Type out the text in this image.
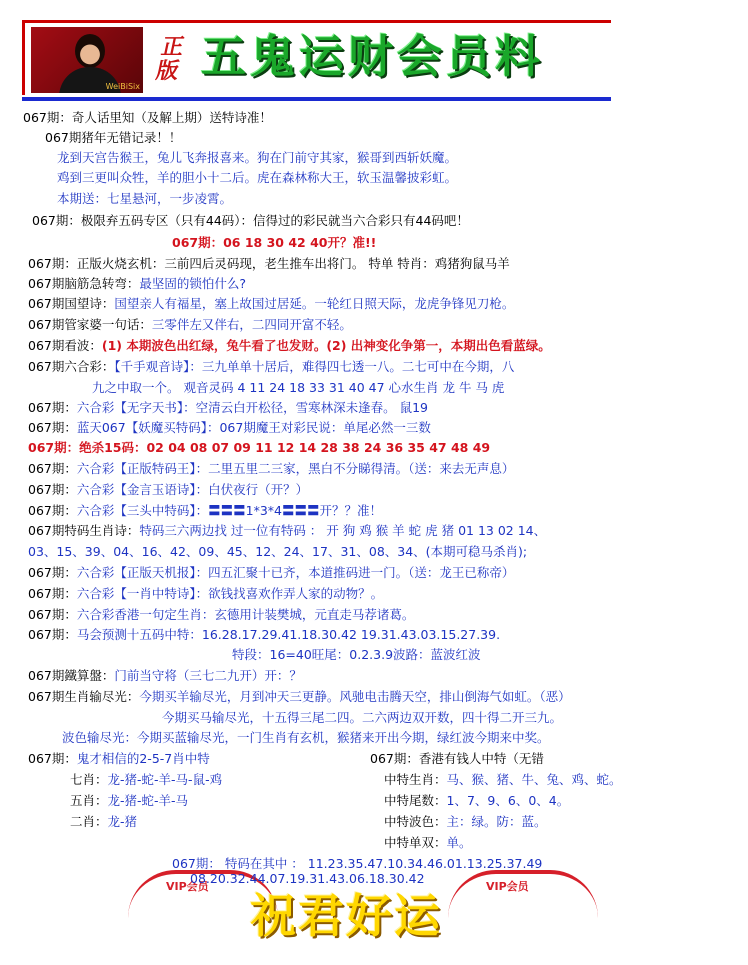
WeiBiSix
正版 五鬼运财会员料
067期：奇人话里知（及解上期）送特诗准！
067期猪年无错记录！！
龙到天宫告猴王，兔儿飞奔报喜来。狗在门前守其家，猴哥到西斩妖魔。
鸡到三更叫众牲，羊的胆小十二后。虎在森林称大王，软玉温馨披彩虹。
本期送：七星悬河，一步凌霄。
067期：极限弃五码专区（只有44码）：信得过的彩民就当六合彩只有44码吧！
067期：06 18 30 42 40开？准!!
067期：正版火烧玄机：三前四后灵码现，老生推车出将门。 特单 特肖：鸡猪狗鼠马羊
067期脑筋急转弯：最坚固的锁怕什么?
067期国望诗：国望亲人有福星，塞上故国过居延。一轮红日照天际，龙虎争锋见刀枪。
067期管家婆一句话：三零伴左又伴右，二四同开富不轻。
067期看波：(1) 本期波色出红绿，兔牛看了也发财。(2) 出神变化争第一，本期出色看蓝绿。
067期六合彩：【千手观音诗】：三九单单十居后，难得四七透一八。二七可中在今期，八
九之中取一个。 观音灵码 4 11 24 18 33 31 40 47 心水生肖 龙 牛 马 虎
067期：六合彩【无字天书】：空清云白开松径，雪寒林深未逢春。 鼠19
067期：蓝天067【妖魔买特码】：067期魔王对彩民说：单尾必然一三数
067期：绝杀15码：02 04 08 07 09 11 12 14 28 38 24 36 35 47 48 49
067期：六合彩【正版特码王】：二里五里二三家，黑白不分睇得清。（送：来去无声息）
067期：六合彩【金言玉语诗】：白伏夜行（开？）
067期：六合彩【三头中特码】：〓〓〓1*3*4〓〓〓开？？准！
067期特码生肖诗：特码三六两边找 过一位有特码 ： 开 狗 鸡 猴 羊 蛇 虎 猪 01 13 02 14、
03、15、39、04、16、42、09、45、12、24、17、31、08、34、(本期可稳马杀肖);
067期：六合彩【正版天机报】：四五汇聚十已齐，本道推码进一门。（送：龙王已称帝）
067期：六合彩【一肖中特诗】：欲钱找喜欢作弄人家的动物？。
067期：六合彩香港一句定生肖：玄德用计装樊城，元直走马荐诸葛。
067期：马会预测十五码中特：16.28.17.29.41.18.30.42 19.31.43.03.15.27.39.
特段：16=40旺尾：0.2.3.9波路：蓝波红波
067期鐵算盤：门前当守将（三七二九开）开：？
067期生肖输尽光：今期买羊输尽光，月到冲天三更静。风驰电击腾天空，排山倒海气如虹。（恶）
今期买马输尽光，十五得三尾二四。二六两边双开数，四十得二开三九。
波色输尽光：今期买蓝输尽光，一门生肖有玄机，猴猪来开出今期，绿红波今期来中奖。
067期：鬼才相信的2-5-7肖中特
七肖：龙-猪-蛇-羊-马-鼠-鸡
五肖：龙-猪-蛇-羊-马
二肖：龙-猪
067期：香港有钱人中特（无错
中特生肖：马、猴、猪、牛、兔、鸡、蛇。
中特尾数：1、7、9、6、0、4。
中特波色：主：绿。防：蓝。
中特单双：单。
067期： 特码在其中 ： 11.23.35.47.10.34.46.01.13.25.37.49
VIP会员	VIP会员
08.20.32.44.07.19.31.43.06.18.30.42
祝君好运
